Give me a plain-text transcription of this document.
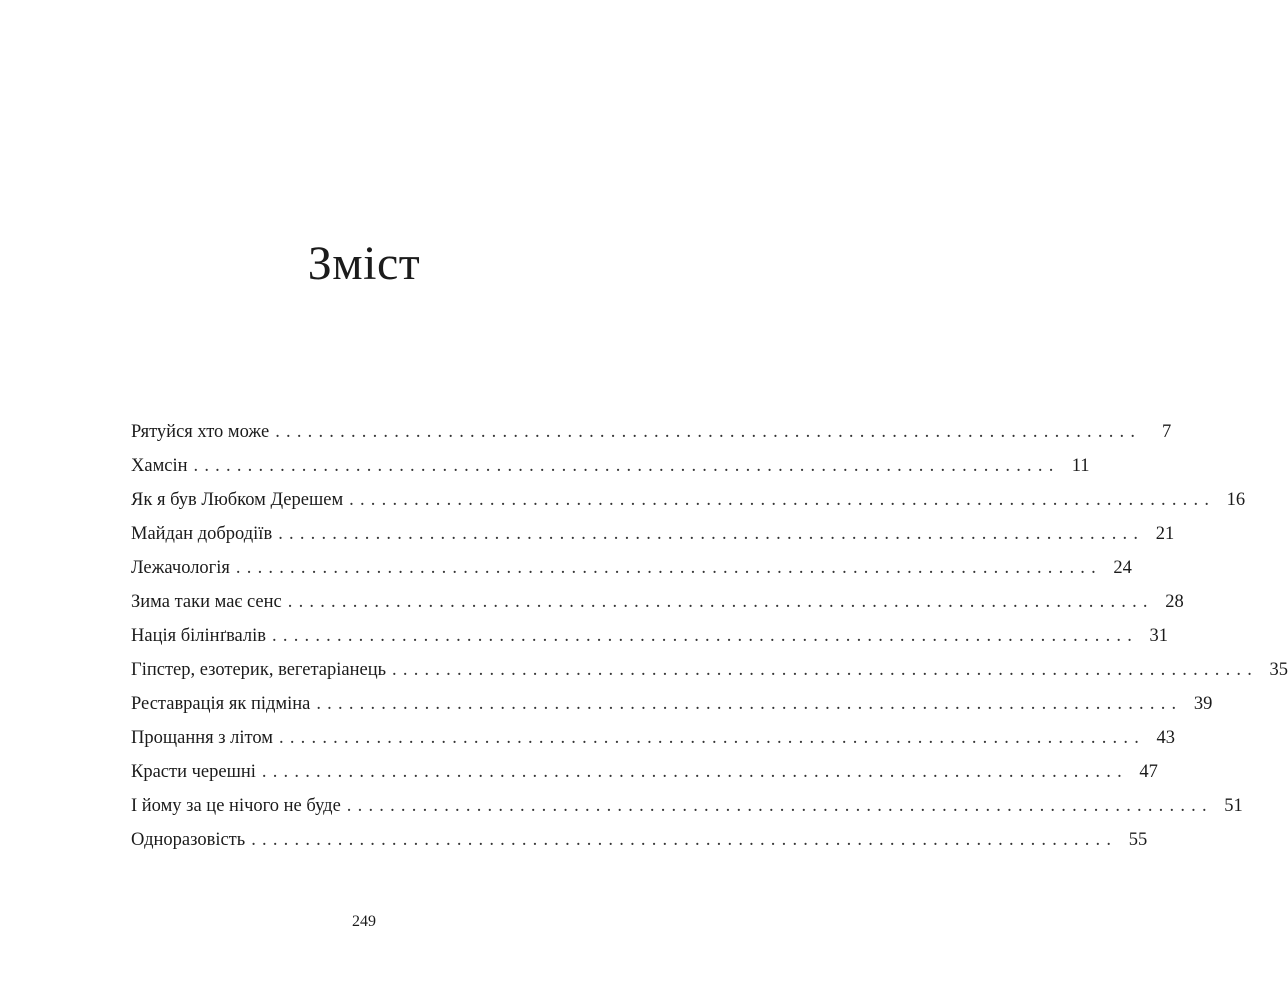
Зміст
Рятуйся хто може ................................................................................	7
Хамсін ................................................................................ 11
Як я був Любком Дерешем ................................................................................ 16
Майдан добродіїв ................................................................................ 21
Лежачологія ................................................................................ 24
Зима таки має сенс ................................................................................ 28
Нація білінґвалів ................................................................................ 31
Гіпстер, езотерик, вегетаріанець ................................................................................ 35
Реставрація як підміна ................................................................................ 39
Прощання з літом ................................................................................ 43
Красти черешні ................................................................................ 47
І йому за це нічого не буде ................................................................................ 51
Одноразовість ................................................................................ 55
249
